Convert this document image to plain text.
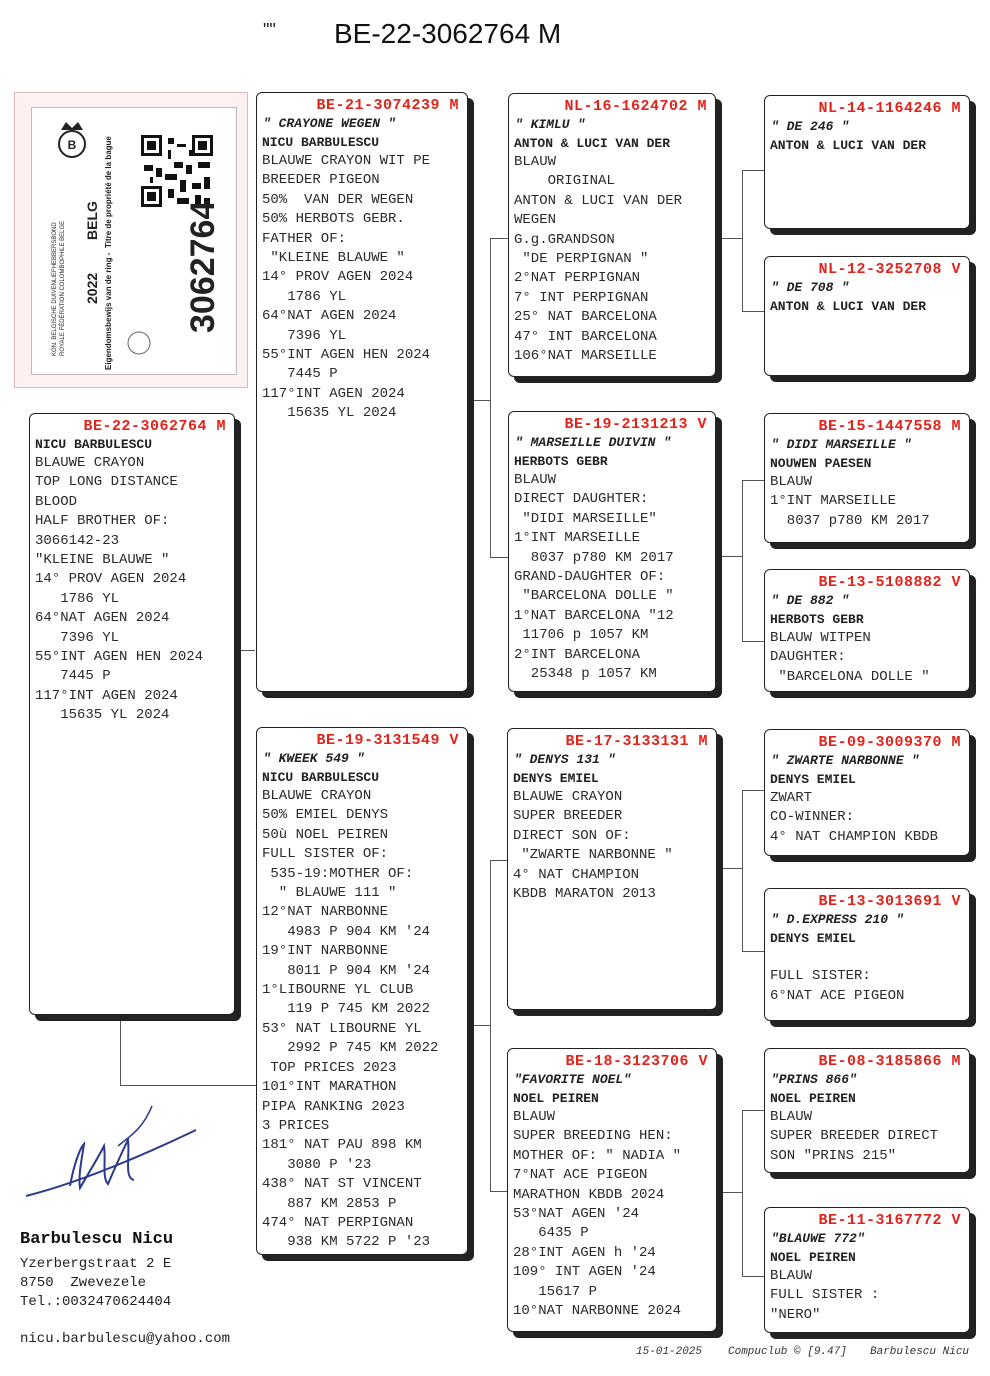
"" BE-22-3062764 M
3062764
2022
BELG
KON. BELGISCHE DUIVENLIEFHEBBERSBOND ROYALE FÉDÉRATION COLOMBOPHILE BELGE	Eigendomsbewijs van de ring -
Titre de propriété de la bague
B
BE-22-3062764 M
NICU BARBULESCU
BLAUWE CRAYON
TOP LONG DISTANCE
BLOOD
HALF BROTHER OF:
3066142-23
"KLEINE BLAUWE "
14° PROV AGEN 2024
1786 YL
64°NAT AGEN 2024
7396 YL
55°INT AGEN HEN 2024
7445 P
117°INT AGEN 2024
15635 YL 2024
BE-21-3074239 M
" CRAYONE WEGEN "
NICU BARBULESCU
BLAUWE CRAYON WIT PE
BREEDER PIGEON
50%  VAN DER WEGEN
50% HERBOTS GEBR.
FATHER OF:
"KLEINE BLAUWE "
14° PROV AGEN 2024
1786 YL
64°NAT AGEN 2024
7396 YL
55°INT AGEN HEN 2024
7445 P
117°INT AGEN 2024
15635 YL 2024
BE-19-3131549 V
" KWEEK 549 "
NICU BARBULESCU
BLAUWE CRAYON
50% EMIEL DENYS
50ù NOEL PEIREN
FULL SISTER OF:
535-19:MOTHER OF:
" BLAUWE 111 "
12°NAT NARBONNE
4983 P 904 KM '24
19°INT NARBONNE
8011 P 904 KM '24
1°LIBOURNE YL CLUB
119 P 745 KM 2022
53° NAT LIBOURNE YL
2992 P 745 KM 2022
TOP PRICES 2023
101°INT MARATHON
PIPA RANKING 2023
3 PRICES
181° NAT PAU 898 KM
3080 P '23
438° NAT ST VINCENT
887 KM 2853 P
474° NAT PERPIGNAN
938 KM 5722 P '23
NL-16-1624702 M
" KIMLU "
ANTON & LUCI VAN DER
BLAUW
ORIGINAL
ANTON & LUCI VAN DER
WEGEN
G.g.GRANDSON
"DE PERPIGNAN "
2°NAT PERPIGNAN
7° INT PERPIGNAN
25° NAT BARCELONA
47° INT BARCELONA
106°NAT MARSEILLE
BE-19-2131213 V
" MARSEILLE DUIVIN "
HERBOTS GEBR
BLAUW
DIRECT DAUGHTER:
"DIDI MARSEILLE"
1°INT MARSEILLE
8037 p780 KM 2017
GRAND-DAUGHTER OF:
"BARCELONA DOLLE "
1°NAT BARCELONA "12
11706 p 1057 KM
2°INT BARCELONA
25348 p 1057 KM
BE-17-3133131 M
" DENYS 131 "
DENYS EMIEL
BLAUWE CRAYON
SUPER BREEDER
DIRECT SON OF:
"ZWARTE NARBONNE "
4° NAT CHAMPION
KBDB MARATON 2013
BE-18-3123706 V
"FAVORITE NOEL"
NOEL PEIREN
BLAUW
SUPER BREEDING HEN:
MOTHER OF: " NADIA "
7°NAT ACE PIGEON
MARATHON KBDB 2024
53°NAT AGEN '24
6435 P
28°INT AGEN h '24
109° INT AGEN '24
15617 P
10°NAT NARBONNE 2024
NL-14-1164246 M
" DE 246 "
ANTON & LUCI VAN DER
NL-12-3252708 V
" DE 708 "
ANTON & LUCI VAN DER
BE-15-1447558 M
" DIDI MARSEILLE "
NOUWEN PAESEN
BLAUW
1°INT MARSEILLE
8037 p780 KM 2017
BE-13-5108882 V
" DE 882 "
HERBOTS GEBR
BLAUW WITPEN
DAUGHTER:
"BARCELONA DOLLE "
BE-09-3009370 M
" ZWARTE NARBONNE "
DENYS EMIEL
ZWART
CO-WINNER:
4° NAT CHAMPION KBDB
BE-13-3013691 V
" D.EXPRESS 210 "
DENYS EMIEL

FULL SISTER:
6°NAT ACE PIGEON
BE-08-3185866 M
"PRINS 866"
NOEL PEIREN
BLAUW
SUPER BREEDER DIRECT
SON "PRINS 215"
BE-11-3167772 V
"BLAUWE 772"
NOEL PEIREN
BLAUW
FULL SISTER :
"NERO"
Barbulescu Nicu
Yzerbergstraat 2 E
8750  Zwevezele
Tel.:0032470624404
nicu.barbulescu@yahoo.com
15-01-2025 Compuclub © [9.47] Barbulescu Nicu
